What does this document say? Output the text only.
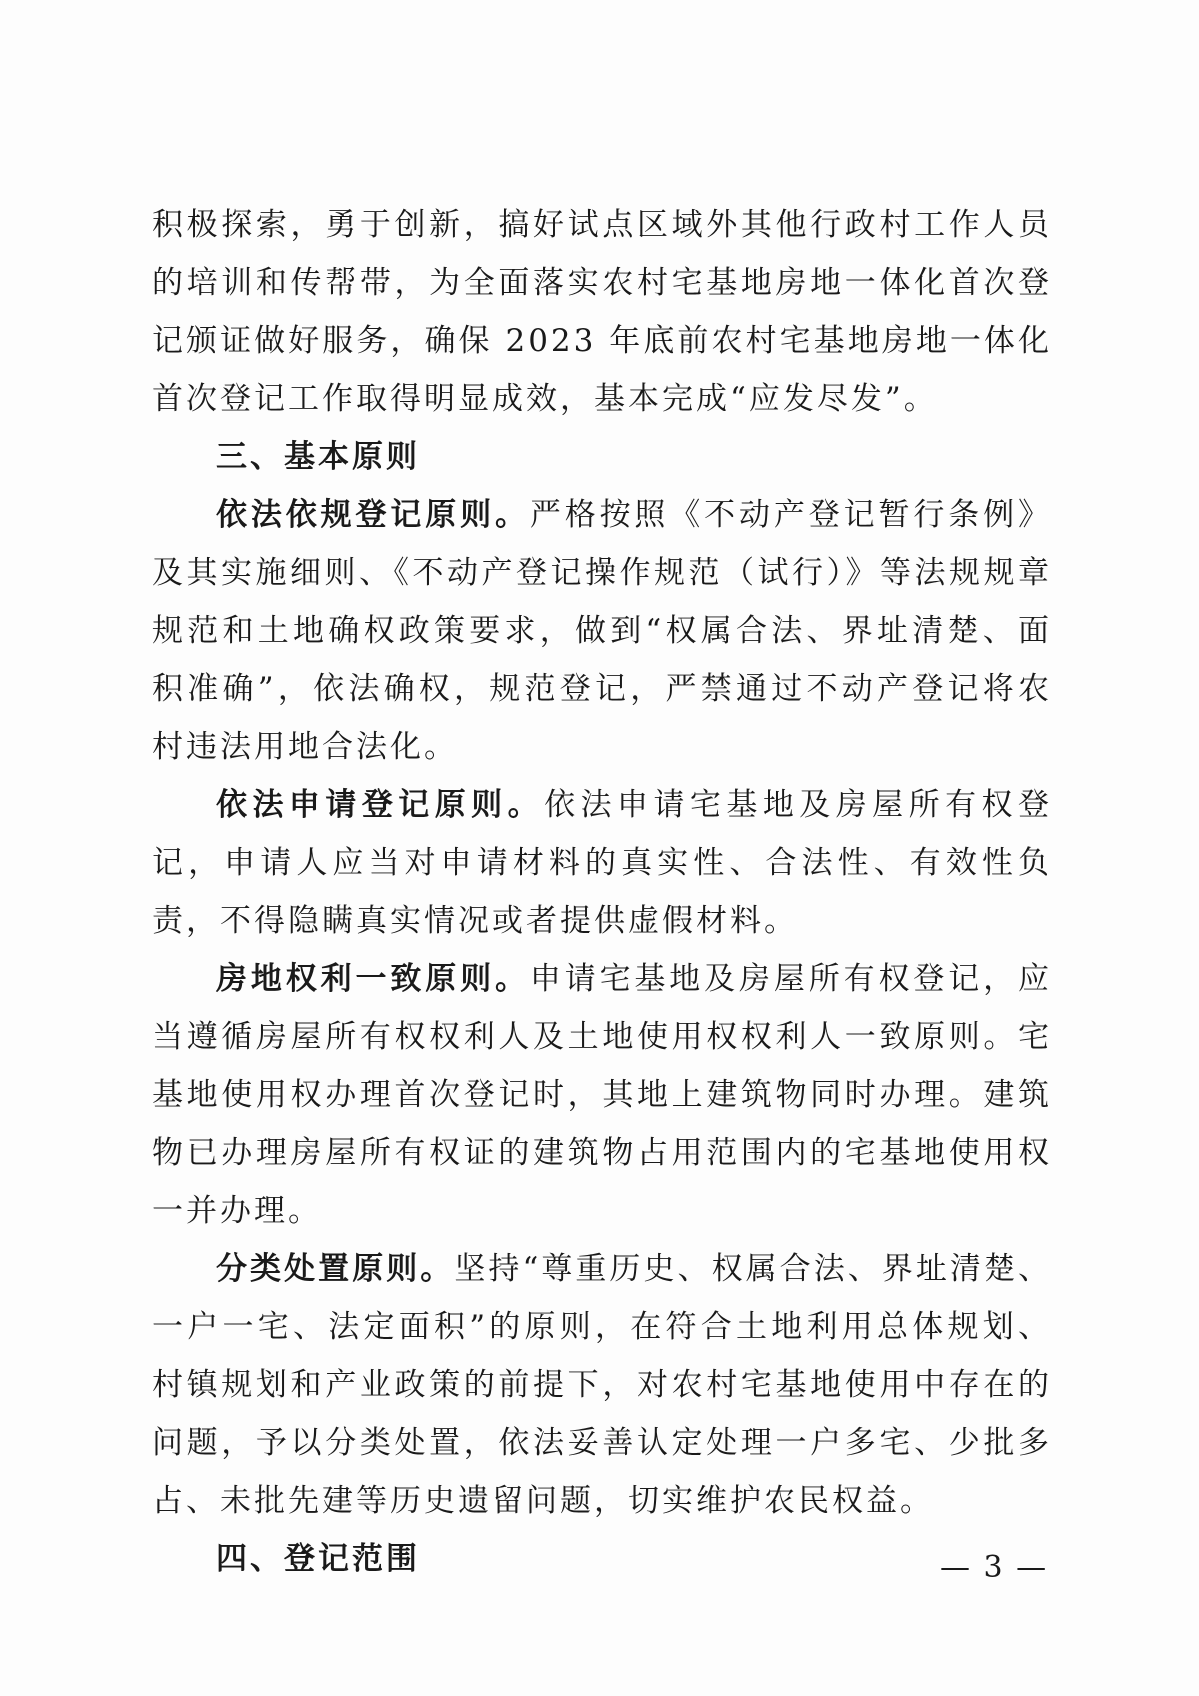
积极探索，勇于创新，搞好试点区域外其他行政村工作人员的培训和传帮带，为全面落实农村宅基地房地一体化首次登记颁证做好服务，确保 2023 年底前农村宅基地房地一体化首次登记工作取得明显成效，基本完成“应发尽发”。

三、基本原则

依法依规登记原则。严格按照《不动产登记暂行条例》及其实施细则、《不动产登记操作规范（试行）》等法规规章规范和土地确权政策要求，做到“权属合法、界址清楚、面积准确”，依法确权，规范登记，严禁通过不动产登记将农村违法用地合法化。

依法申请登记原则。依法申请宅基地及房屋所有权登记，申请人应当对申请材料的真实性、合法性、有效性负责，不得隐瞒真实情况或者提供虚假材料。

房地权利一致原则。申请宅基地及房屋所有权登记，应当遵循房屋所有权权利人及土地使用权权利人一致原则。宅基地使用权办理首次登记时，其地上建筑物同时办理。建筑物已办理房屋所有权证的建筑物占用范围内的宅基地使用权一并办理。

分类处置原则。坚持“尊重历史、权属合法、界址清楚、一户一宅、法定面积”的原则，在符合土地利用总体规划、村镇规划和产业政策的前提下，对农村宅基地使用中存在的问题，予以分类处置，依法妥善认定处理一户多宅、少批多占、未批先建等历史遗留问题，切实维护农民权益。

四、登记范围	— 3 —
